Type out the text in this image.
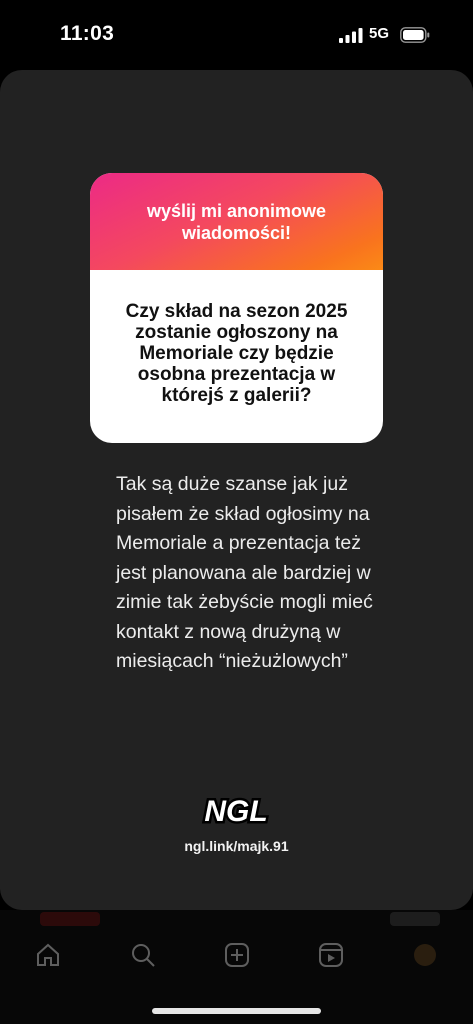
11:03	5G
wyślij mi anonimowe wiadomości!
Czy skład na sezon 2025 zostanie ogłoszony na Memoriale czy będzie osobna prezentacja w którejś z galerii?
Tak są duże szanse jak już pisałem że skład ogłosimy na Memoriale a prezentacja też jest planowana ale bardziej w zimie tak żebyście mogli mieć kontakt z nową drużyną w miesiącach “nieżużlowych”
NGL
ngl.link/majk.91
